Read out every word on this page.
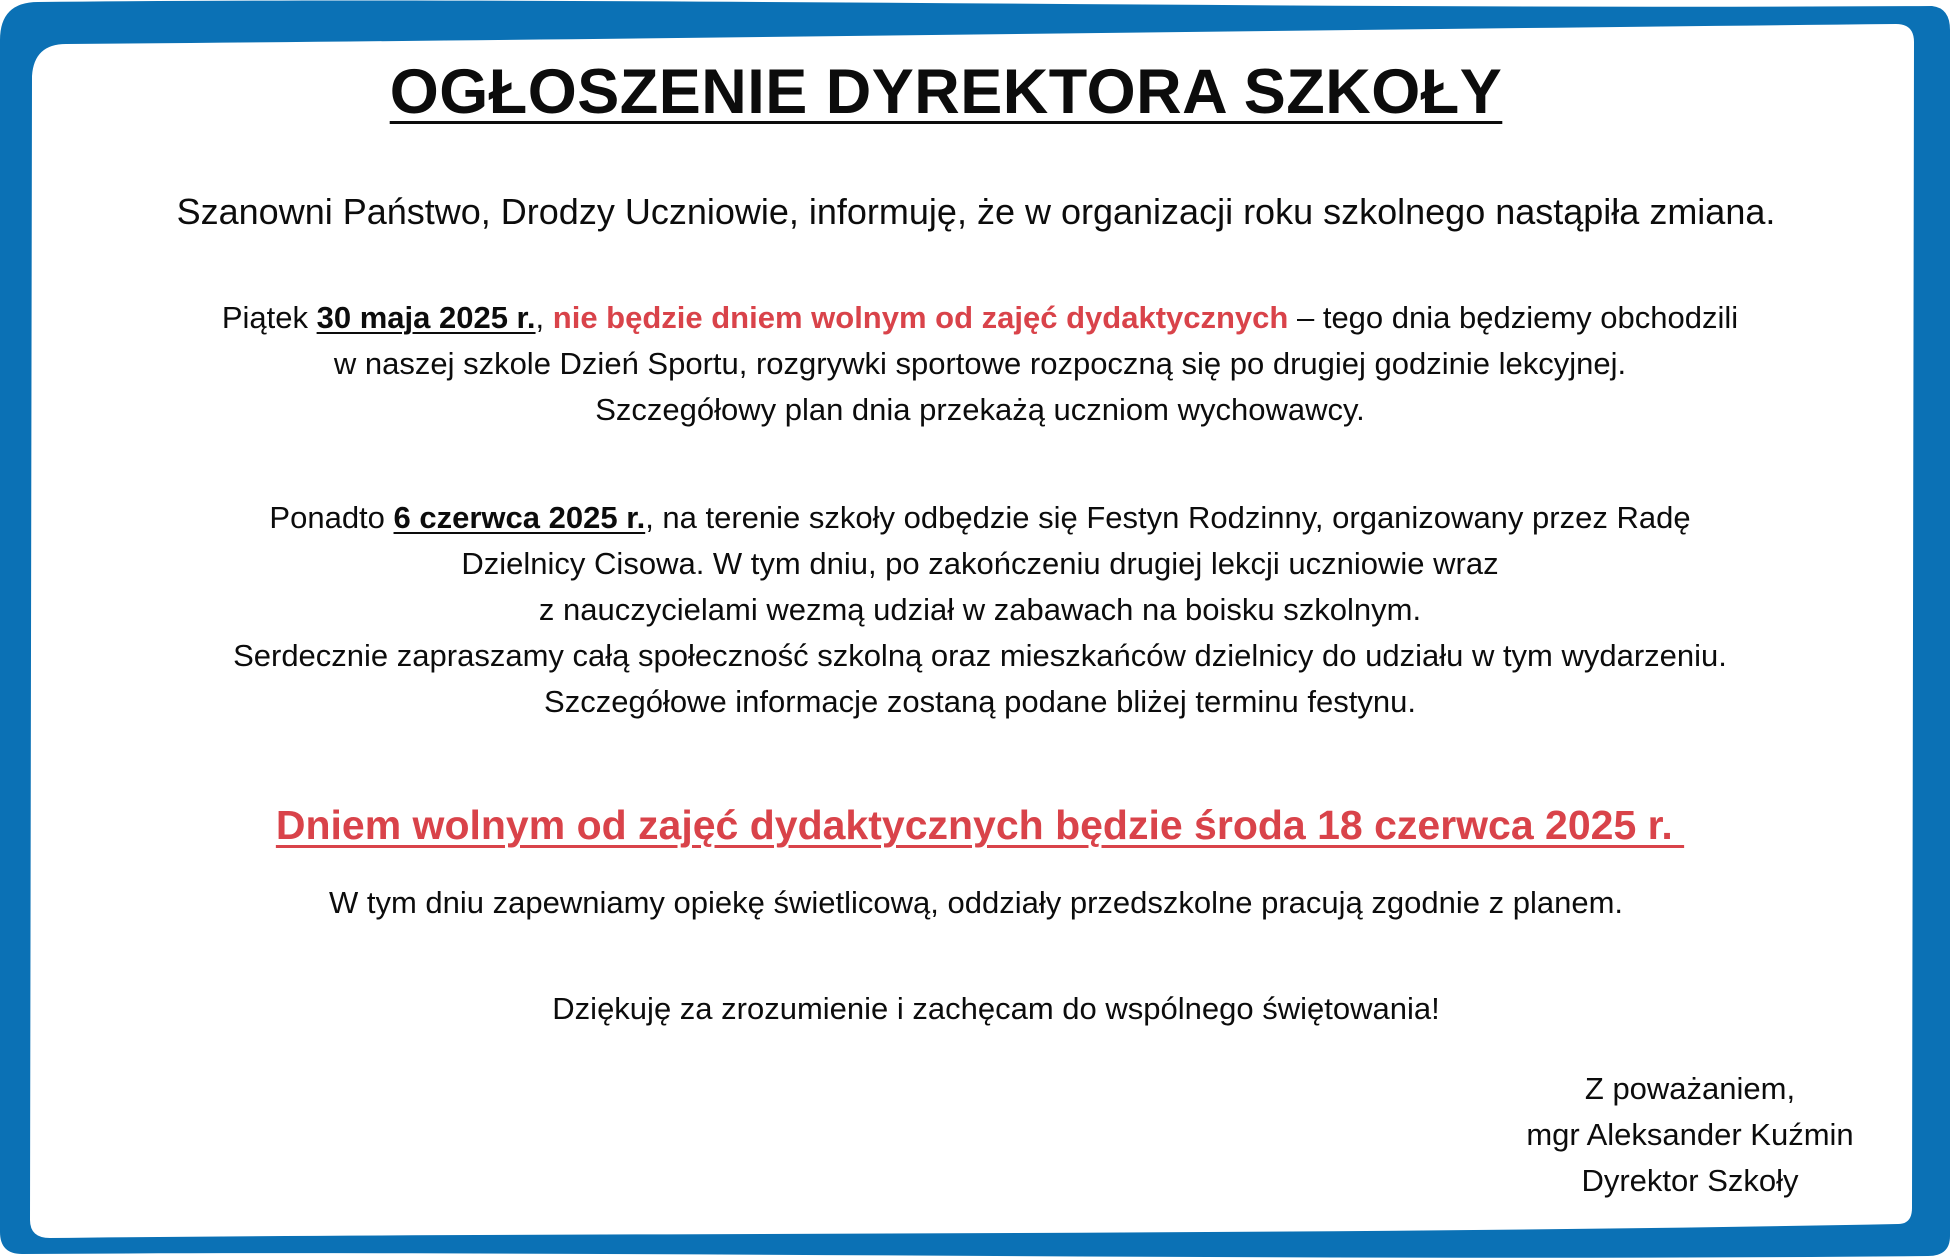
OGŁOSZENIE DYREKTORA SZKOŁY
Szanowni Państwo, Drodzy Uczniowie, informuję, że w organizacji roku szkolnego nastąpiła zmiana.
Piątek 30 maja 2025 r., nie będzie dniem wolnym od zajęć dydaktycznych – tego dnia będziemy obchodzili
w naszej szkole Dzień Sportu, rozgrywki sportowe rozpoczną się po drugiej godzinie lekcyjnej.
Szczegółowy plan dnia przekażą uczniom wychowawcy.
Ponadto 6 czerwca 2025 r., na terenie szkoły odbędzie się Festyn Rodzinny, organizowany przez Radę
Dzielnicy Cisowa. W tym dniu, po zakończeniu drugiej lekcji uczniowie wraz
z nauczycielami wezmą udział w zabawach na boisku szkolnym.
Serdecznie zapraszamy całą społeczność szkolną oraz mieszkańców dzielnicy do udziału w tym wydarzeniu.
Szczegółowe informacje zostaną podane bliżej terminu festynu.
Dniem wolnym od zajęć dydaktycznych będzie środa 18 czerwca 2025 r.
W tym dniu zapewniamy opiekę świetlicową, oddziały przedszkolne pracują zgodnie z planem.
Dziękuję za zrozumienie i zachęcam do wspólnego świętowania!
Z poważaniem,
mgr Aleksander Kuźmin
Dyrektor Szkoły
